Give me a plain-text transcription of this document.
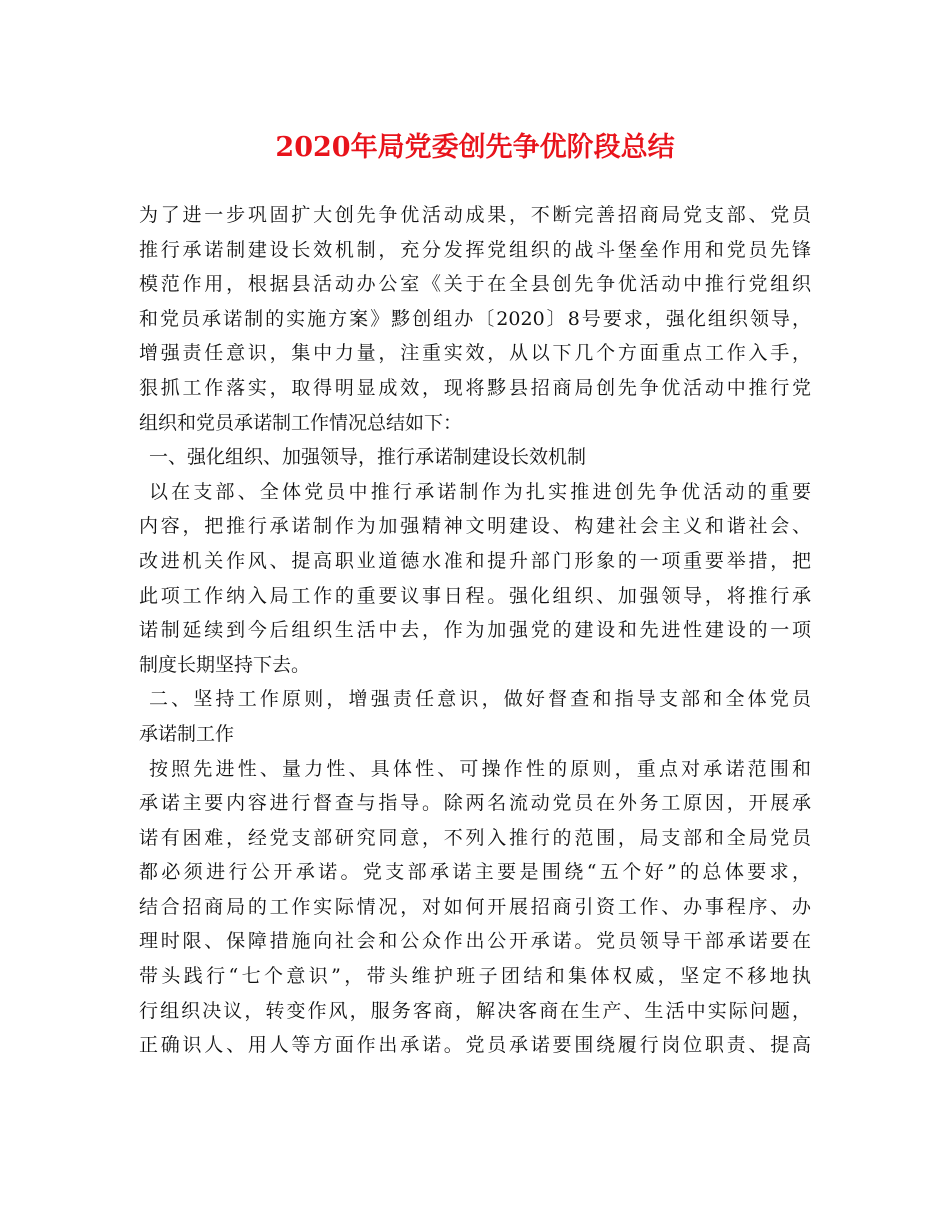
2020年局党委创先争优阶段总结
为了进一步巩固扩大创先争优活动成果，不断完善招商局党支部、党员
推行承诺制建设长效机制，充分发挥党组织的战斗堡垒作用和党员先锋
模范作用，根据县活动办公室《关于在全县创先争优活动中推行党组织
和党员承诺制的实施方案》黟创组办〔2020〕8号要求，强化组织领导，
增强责任意识，集中力量，注重实效，从以下几个方面重点工作入手，
狠抓工作落实，取得明显成效，现将黟县招商局创先争优活动中推行党
组织和党员承诺制工作情况总结如下：
一、强化组织、加强领导，推行承诺制建设长效机制
以在支部、全体党员中推行承诺制作为扎实推进创先争优活动的重要
内容，把推行承诺制作为加强精神文明建设、构建社会主义和谐社会、
改进机关作风、提高职业道德水准和提升部门形象的一项重要举措，把
此项工作纳入局工作的重要议事日程。强化组织、加强领导，将推行承
诺制延续到今后组织生活中去，作为加强党的建设和先进性建设的一项
制度长期坚持下去。
二、坚持工作原则，增强责任意识，做好督查和指导支部和全体党员
承诺制工作
按照先进性、量力性、具体性、可操作性的原则，重点对承诺范围和
承诺主要内容进行督查与指导。除两名流动党员在外务工原因，开展承
诺有困难，经党支部研究同意，不列入推行的范围，局支部和全局党员
都必须进行公开承诺。党支部承诺主要是围绕“五个好”的总体要求，
结合招商局的工作实际情况，对如何开展招商引资工作、办事程序、办
理时限、保障措施向社会和公众作出公开承诺。党员领导干部承诺要在
带头践行“七个意识”，带头维护班子团结和集体权威，坚定不移地执
行组织决议，转变作风，服务客商，解决客商在生产、生活中实际问题，
正确识人、用人等方面作出承诺。党员承诺要围绕履行岗位职责、提高
